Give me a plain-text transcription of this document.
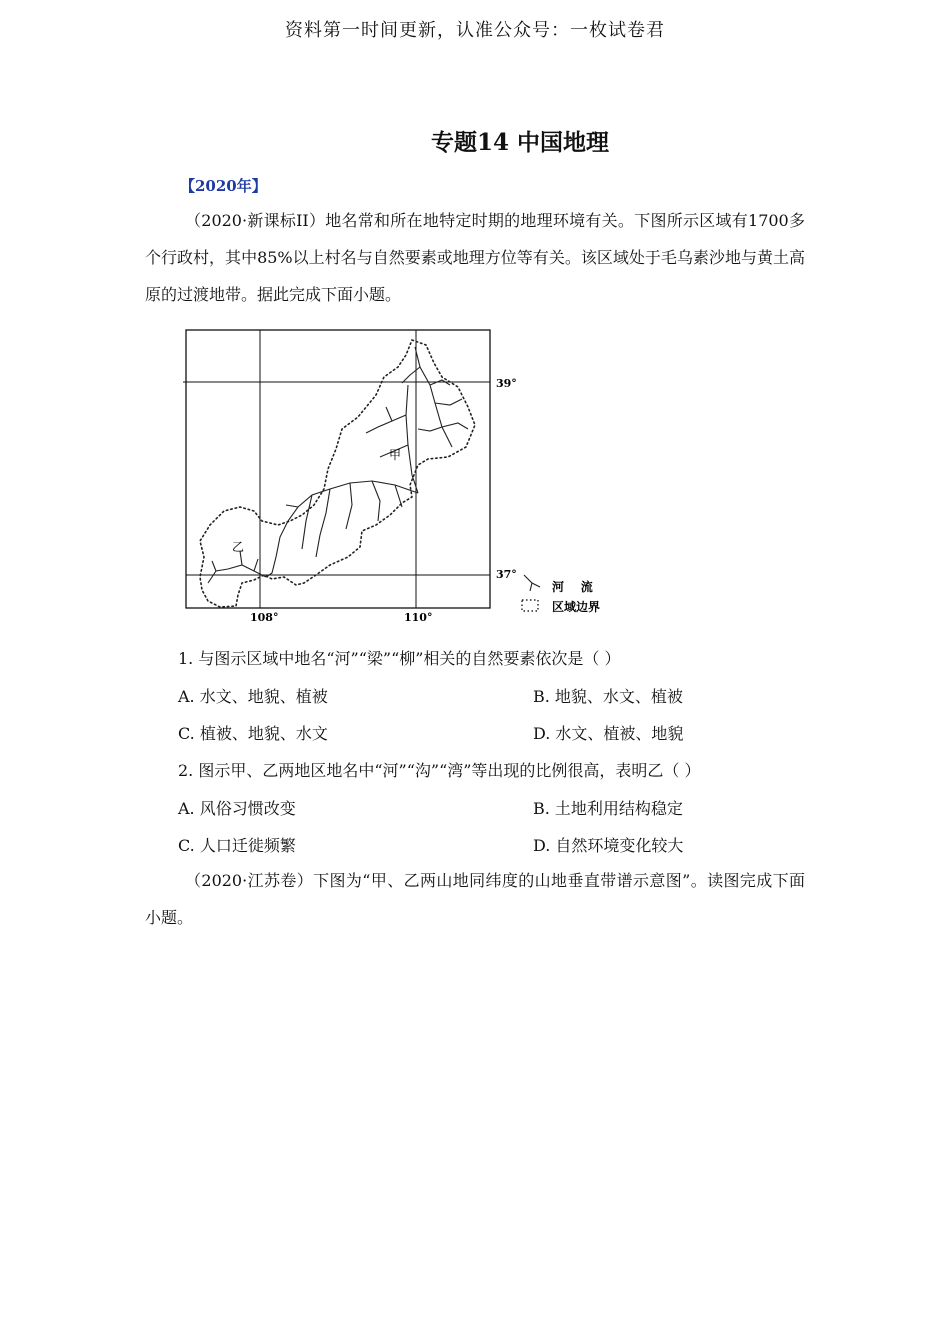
资料第一时间更新，认准公众号：一枚试卷君
专题14 中国地理
【2020年】
（2020·新课标II）地名常和所在地特定时期的地理环境有关。下图所示区域有1700多个行政村，其中85%以上村名与自然要素或地理方位等有关。该区域处于毛乌素沙地与黄土高原的过渡地带。据此完成下面小题。
甲
乙
39°
37°
108°	110°
河    流
区域边界
1. 与图示区域中地名“河”“梁”“柳”相关的自然要素依次是（ ）
A. 水文、地貌、植被	B. 地貌、水文、植被
C. 植被、地貌、水文	D. 水文、植被、地貌
2. 图示甲、乙两地区地名中“河”“沟”“湾”等出现的比例很高，表明乙（ ）
A. 风俗习惯改变	B. 土地利用结构稳定
C. 人口迁徙频繁	D. 自然环境变化较大
（2020·江苏卷）下图为“甲、乙两山地同纬度的山地垂直带谱示意图”。读图完成下面小题。
